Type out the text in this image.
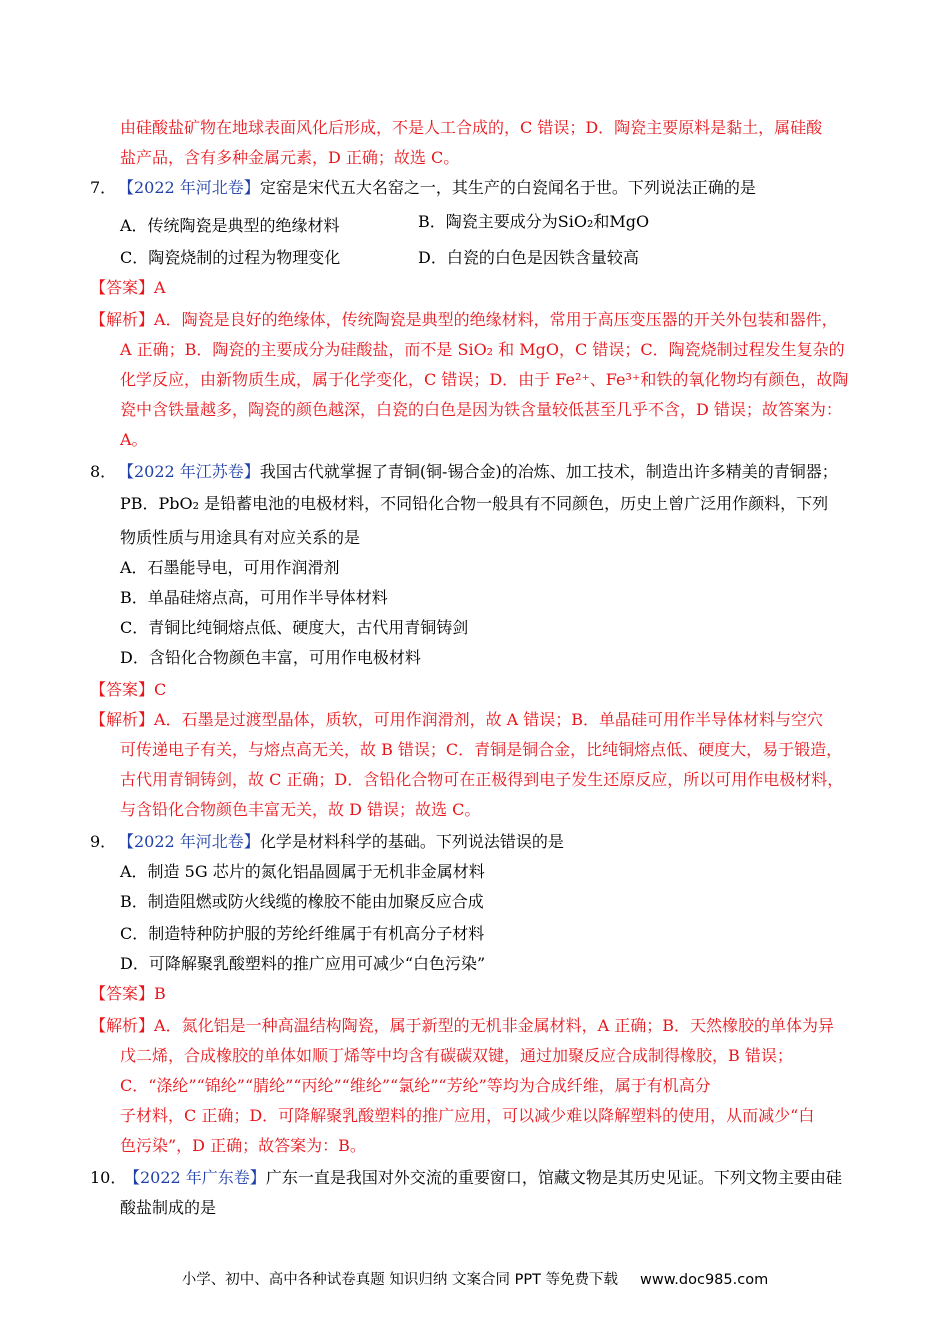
由硅酸盐矿物在地球表面风化后形成，不是人工合成的，C 错误；D．陶瓷主要原料是黏土，属硅酸
盐产品，含有多种金属元素，D 正确；故选 C。
7． 【2022 年河北卷】定窑是宋代五大名窑之一，其生产的白瓷闻名于世。下列说法正确的是
A．传统陶瓷是典型的绝缘材料	B．陶瓷主要成分为SiO₂和MgO
C．陶瓷烧制的过程为物理变化	D．白瓷的白色是因铁含量较高
【答案】A
【解析】A．陶瓷是良好的绝缘体，传统陶瓷是典型的绝缘材料，常用于高压变压器的开关外包装和器件，
A 正确；B．陶瓷的主要成分为硅酸盐，而不是 SiO₂ 和 MgO，C 错误；C．陶瓷烧制过程发生复杂的
化学反应，由新物质生成，属于化学变化，C 错误；D．由于 Fe²⁺、Fe³⁺和铁的氧化物均有颜色，故陶
瓷中含铁量越多，陶瓷的颜色越深，白瓷的白色是因为铁含量较低甚至几乎不含，D 错误；故答案为：
A。
8． 【2022 年江苏卷】我国古代就掌握了青铜(铜-锡合金)的冶炼、加工技术，制造出许多精美的青铜器；
PB．PbO₂ 是铅蓄电池的电极材料，不同铅化合物一般具有不同颜色，历史上曾广泛用作颜料，下列
物质性质与用途具有对应关系的是
A．石墨能导电，可用作润滑剂
B．单晶硅熔点高，可用作半导体材料
C．青铜比纯铜熔点低、硬度大，古代用青铜铸剑
D．含铅化合物颜色丰富，可用作电极材料
【答案】C
【解析】A．石墨是过渡型晶体，质软，可用作润滑剂，故 A 错误；B．单晶硅可用作半导体材料与空穴
可传递电子有关，与熔点高无关，故 B 错误；C．青铜是铜合金，比纯铜熔点低、硬度大，易于锻造，
古代用青铜铸剑，故 C 正确；D．含铅化合物可在正极得到电子发生还原反应，所以可用作电极材料，
与含铅化合物颜色丰富无关，故 D 错误；故选 C。
9． 【2022 年河北卷】化学是材料科学的基础。下列说法错误的是
A．制造 5G 芯片的氮化铝晶圆属于无机非金属材料
B．制造阻燃或防火线缆的橡胶不能由加聚反应合成
C．制造特种防护服的芳纶纤维属于有机高分子材料
D．可降解聚乳酸塑料的推广应用可减少“白色污染”
【答案】B
【解析】A．氮化铝是一种高温结构陶瓷，属于新型的无机非金属材料，A 正确；B．天然橡胶的单体为异
戊二烯，合成橡胶的单体如顺丁烯等中均含有碳碳双键，通过加聚反应合成制得橡胶，B 错误；
C．“涤纶”“锦纶”“腈纶”“丙纶”“维纶”“氯纶”“芳纶”等均为合成纤维，属于有机高分
子材料，C 正确；D．可降解聚乳酸塑料的推广应用，可以减少难以降解塑料的使用，从而减少“白
色污染”，D 正确；故答案为：B。
10．
【2022 年广东卷】广东一直是我国对外交流的重要窗口，馆藏文物是其历史见证。下列文物主要由硅
酸盐制成的是
小学、初中、高中各种试卷真题 知识归纳 文案合同 PPT 等免费下载 www.doc985.com
